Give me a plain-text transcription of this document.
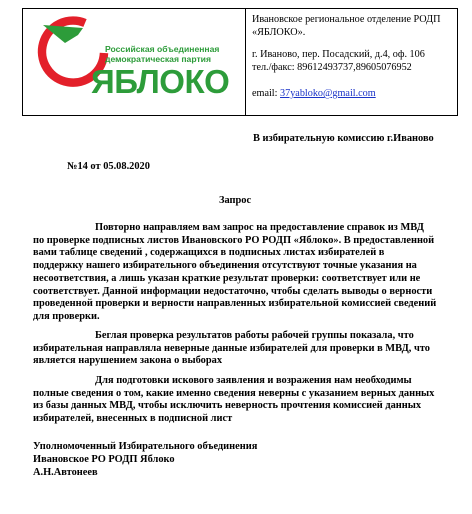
Российская объединенная
демократическая партия
ЯБЛОКО
Ивановское региональное отделение РОДП
«ЯБЛОКО».
г. Иваново, пер. Посадский, д.4, оф. 106
тел./факс: 89612493737,89605076952
email: 37yabloko@gmail.com
В избирательную комиссию г.Иваново
№14 от 05.08.2020
Запрос
Повторно направляем вам запрос на предоставление справок из МВД
по проверке подписных листов Ивановского РО РОДП «Яблоко». В предоставленной
вами таблице сведений , содержащихся в подписных листах избирателей в
поддержку нашего избирательного объединения отсутствуют точные указания на
несоответствия, а лишь указан краткие результат проверки: соответствует или не
соответствует. Данной информации недостаточно, чтобы сделать выводы о верности
проведенной проверки и верности направленных избирательной комиссией сведений
для проверки.
Беглая проверка результатов работы рабочей группы показала, что
избирательная направляла неверные данные избирателей для проверки в МВД, что
является нарушением закона о выборах
Для подготовки искового заявления и возражения нам необходимы
полные сведения о том, какие именно сведения неверны с указанием верных данных
из базы данных МВД, чтобы исключить неверность прочтения комиссией данных
избирателей, внесенных в подписной лист
Уполномоченный Избирательного объединения
Ивановское РО РОДП Яблоко
А.Н.Автонеев
